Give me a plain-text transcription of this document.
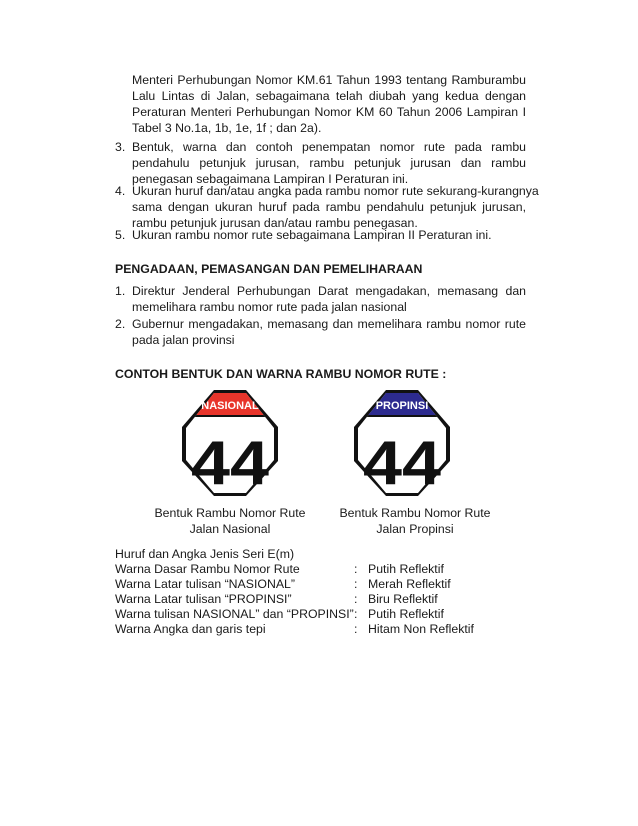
Menteri Perhubungan Nomor KM.61 Tahun 1993 tentang Ramburambu
Lalu Lintas di Jalan, sebagaimana telah diubah yang kedua dengan
Peraturan Menteri Perhubungan Nomor KM 60 Tahun 2006 Lampiran I
Tabel 3 No.1a, 1b, 1e, 1f ; dan 2a).
3. Bentuk, warna dan contoh penempatan nomor rute pada rambu
pendahulu petunjuk jurusan, rambu petunjuk jurusan dan rambu
penegasan sebagaimana Lampiran I Peraturan ini.
4. Ukuran huruf dan/atau angka pada rambu nomor rute sekurang-kurangnya
sama dengan ukuran huruf pada rambu pendahulu petunjuk jurusan,
rambu petunjuk jurusan dan/atau rambu penegasan.
5. Ukuran rambu nomor rute sebagaimana Lampiran II Peraturan ini.
PENGADAAN, PEMASANGAN DAN PEMELIHARAAN
1. Direktur Jenderal Perhubungan Darat mengadakan, memasang dan
memelihara rambu nomor rute pada jalan nasional
2. Gubernur mengadakan, memasang dan memelihara rambu nomor rute
pada jalan provinsi
CONTOH BENTUK DAN WARNA RAMBU NOMOR RUTE :
NASIONAL
44
PROPINSI
44
Bentuk Rambu Nomor Rute
Jalan Nasional
Bentuk Rambu Nomor Rute
Jalan Propinsi
Huruf dan Angka Jenis Seri E(m)
Warna Dasar Rambu Nomor Rute	: Putih Reflektif
Warna Latar tulisan “NASIONAL”	: Merah Reflektif
Warna Latar tulisan “PROPINSI”	: Biru Reflektif
Warna tulisan NASIONAL” dan “PROPINSI” : Putih Reflektif
Warna Angka dan garis tepi	: Hitam Non Reflektif
